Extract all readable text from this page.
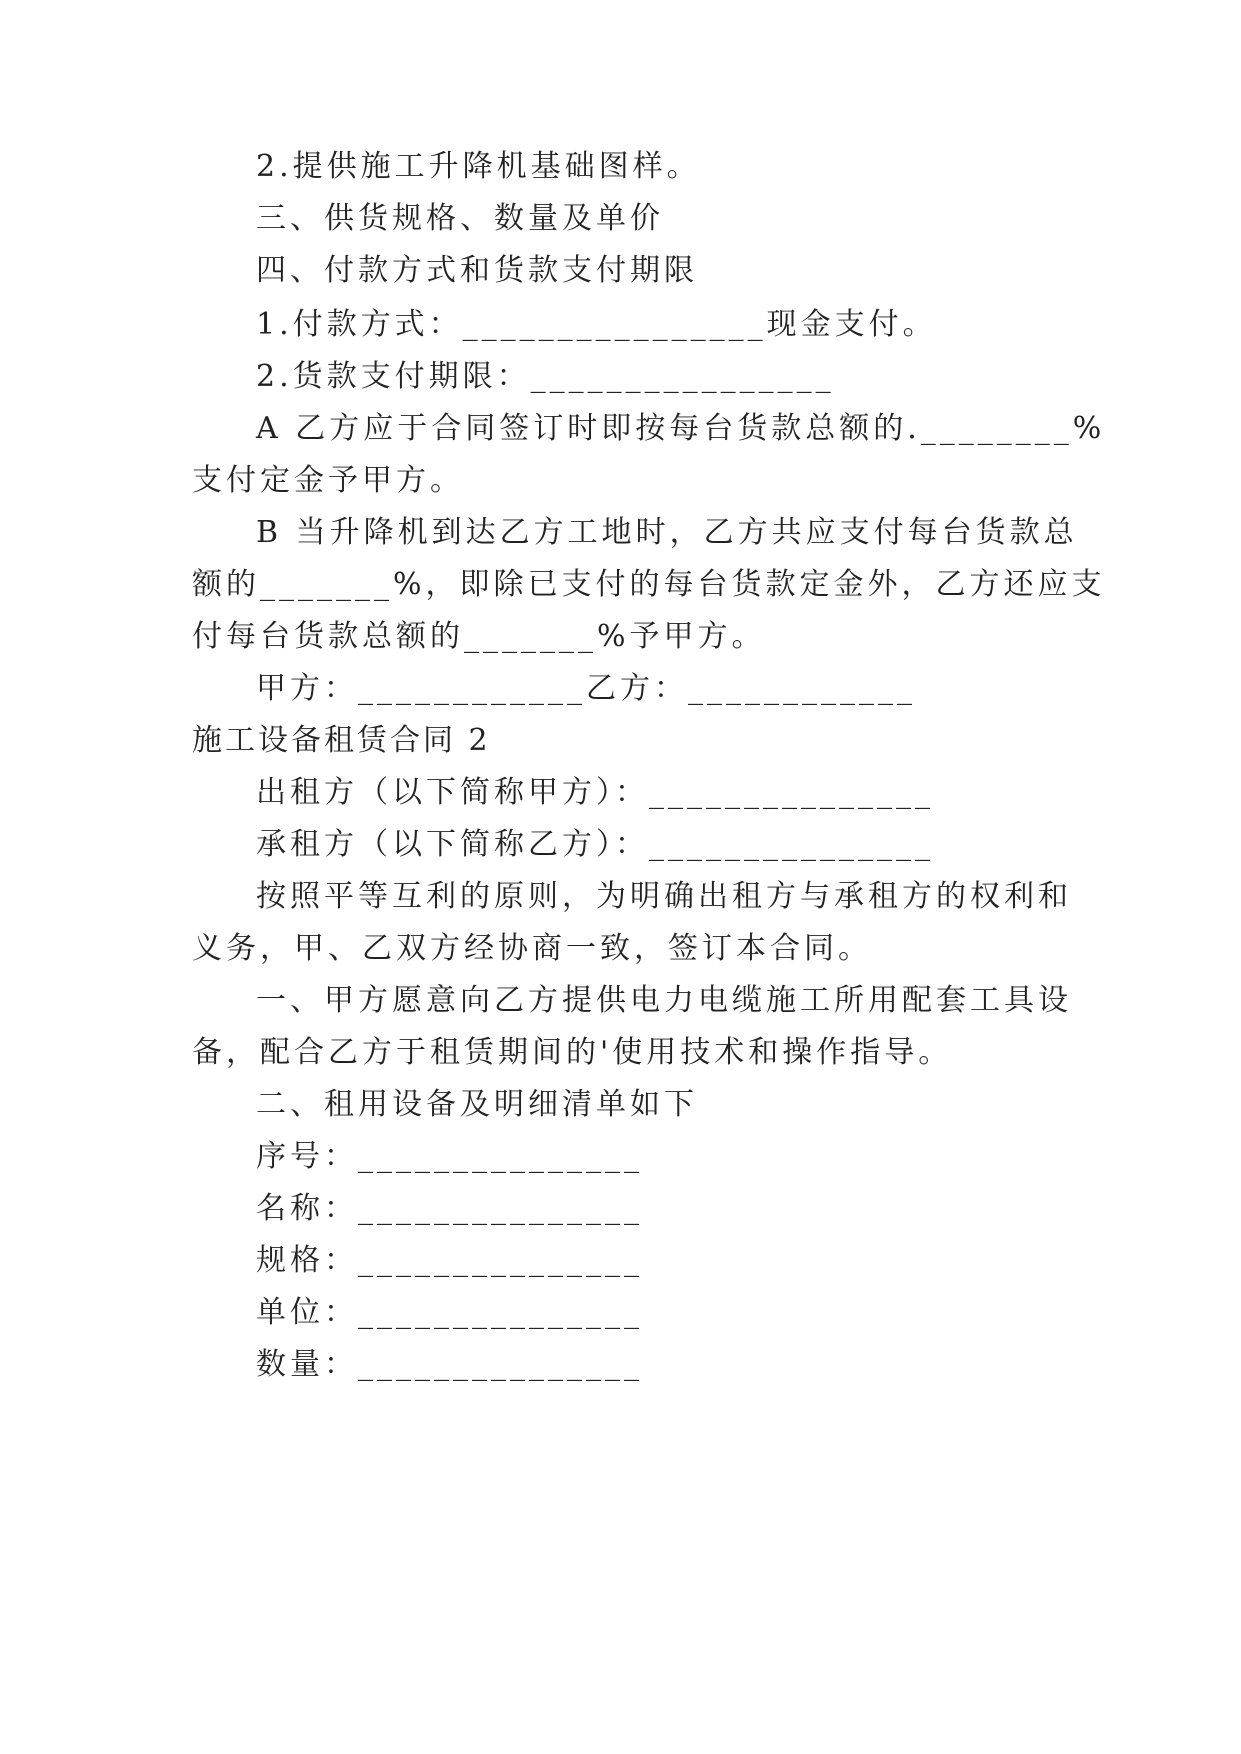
2.提供施工升降机基础图样。
三、供货规格、数量及单价
四、付款方式和货款支付期限
1.付款方式：________________现金支付。
2.货款支付期限：________________
A 乙方应于合同签订时即按每台货款总额的.________%
支付定金予甲方。
B 当升降机到达乙方工地时，乙方共应支付每台货款总
额的_______%，即除已支付的每台货款定金外，乙方还应支
付每台货款总额的_______%予甲方。
甲方：____________乙方：____________
施工设备租赁合同 2
出租方（以下简称甲方）：_______________
承租方（以下简称乙方）：_______________
按照平等互利的原则，为明确出租方与承租方的权利和
义务，甲、乙双方经协商一致，签订本合同。
一、甲方愿意向乙方提供电力电缆施工所用配套工具设
备，配合乙方于租赁期间的'使用技术和操作指导。
二、租用设备及明细清单如下
序号：_______________
名称：_______________
规格：_______________
单位：_______________
数量：_______________
